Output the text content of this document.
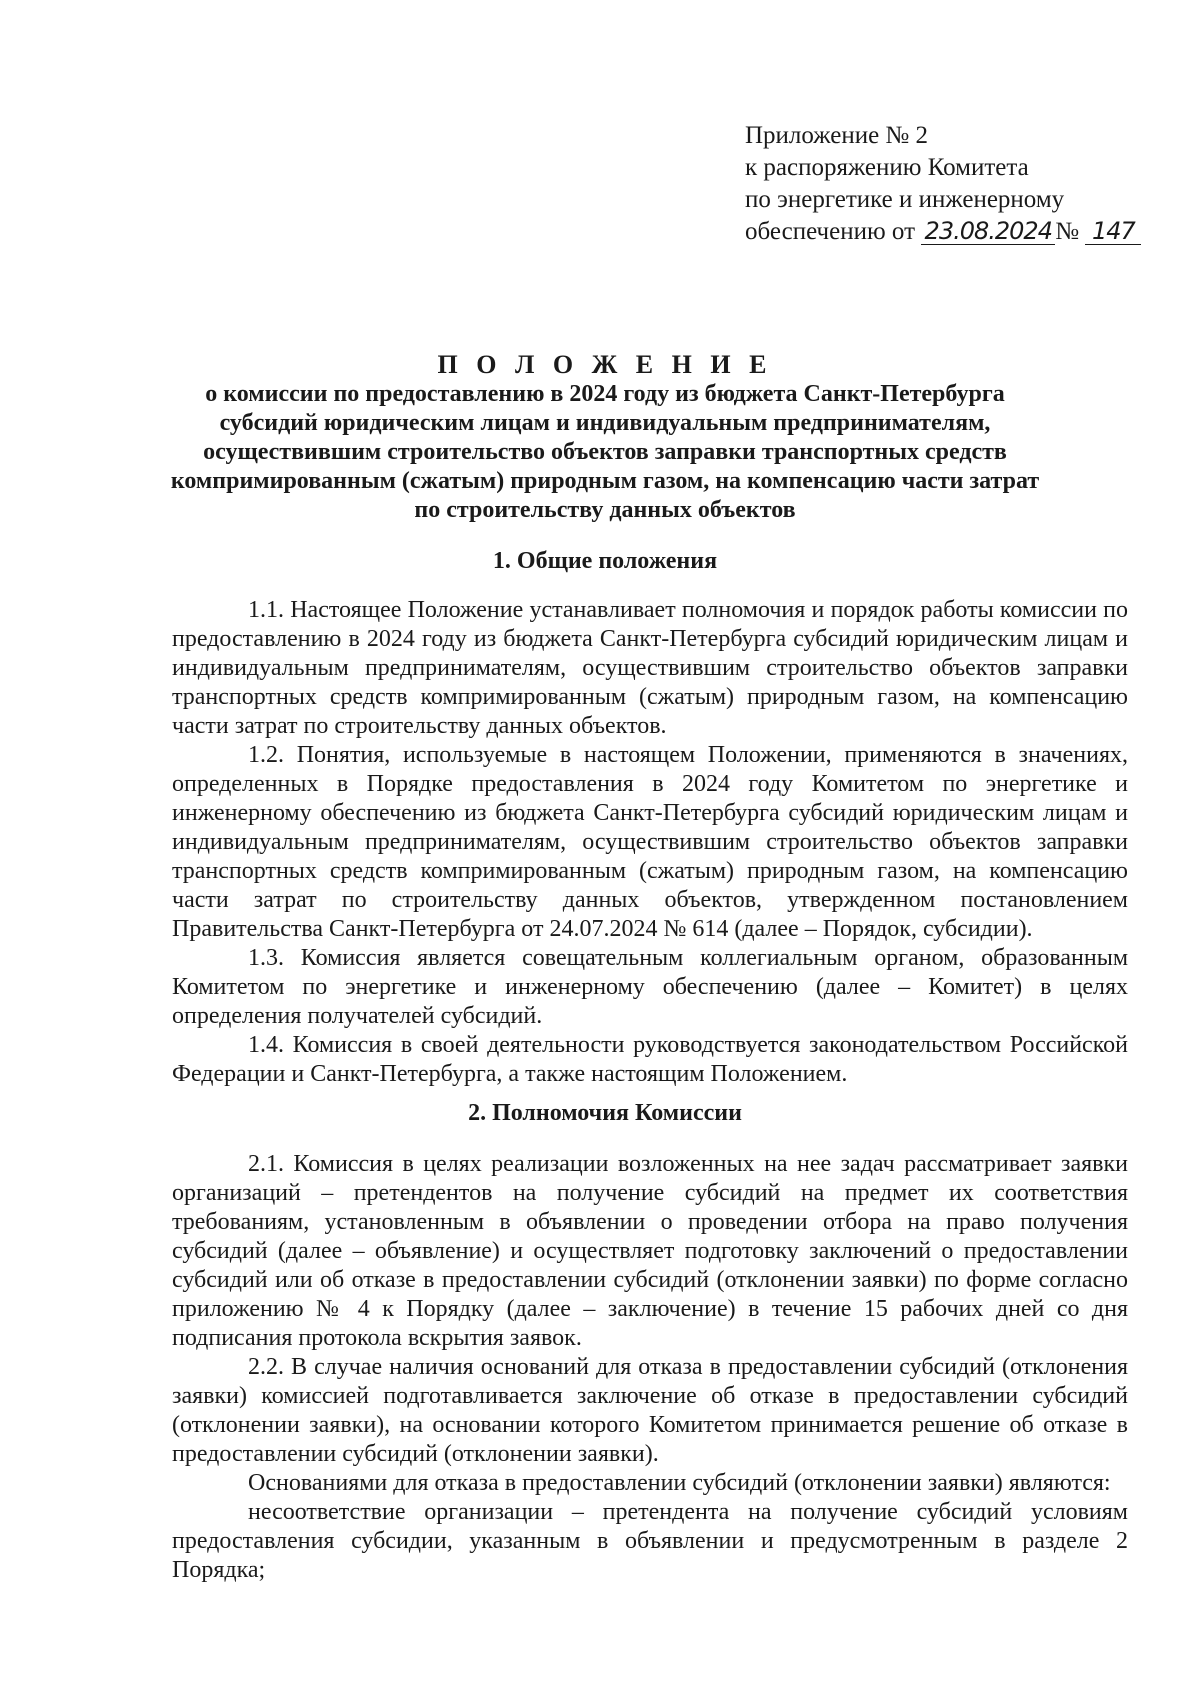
Приложение № 2
к распоряжению Комитета
по энергетике и инженерному
обеспечению от 23.08.2024 № 147
П О Л О Ж Е Н И Е
о комиссии по предоставлению в 2024 году из бюджета Санкт-Петербурга
субсидий юридическим лицам и индивидуальным предпринимателям,
осуществившим строительство объектов заправки транспортных средств
компримированным (сжатым) природным газом, на компенсацию части затрат
по строительству данных объектов
1. Общие положения

1.1. Настоящее Положение устанавливает полномочия и порядок работы комиссии по предоставлению в 2024 году из бюджета Санкт-Петербурга субсидий юридическим лицам и индивидуальным предпринимателям, осуществившим строительство объектов заправки транспортных средств компримированным (сжатым) природным газом, на компенсацию части затрат по строительству данных объектов.

1.2. Понятия, используемые в настоящем Положении, применяются в значениях, определенных в Порядке предоставления в 2024 году Комитетом по энергетике и инженерному обеспечению из бюджета Санкт-Петербурга субсидий юридическим лицам и индивидуальным предпринимателям, осуществившим строительство объектов заправки транспортных средств компримированным (сжатым) природным газом, на компенсацию части затрат по строительству данных объектов, утвержденном постановлением Правительства Санкт-Петербурга от 24.07.2024 № 614 (далее – Порядок, субсидии).

1.3. Комиссия является совещательным коллегиальным органом, образованным Комитетом по энергетике и инженерному обеспечению (далее – Комитет) в целях определения получателей субсидий.

1.4. Комиссия в своей деятельности руководствуется законодательством Российской Федерации и Санкт-Петербурга, а также настоящим Положением.

2. Полномочия Комиссии

2.1. Комиссия в целях реализации возложенных на нее задач рассматривает заявки организаций – претендентов на получение субсидий на предмет их соответствия требованиям, установленным в объявлении о проведении отбора на право получения субсидий (далее – объявление) и осуществляет подготовку заключений о предоставлении субсидий или об отказе в предоставлении субсидий (отклонении заявки) по форме согласно приложению № 4 к Порядку (далее – заключение) в течение 15 рабочих дней со дня подписания протокола вскрытия заявок.

2.2. В случае наличия оснований для отказа в предоставлении субсидий (отклонения заявки) комиссией подготавливается заключение об отказе в предоставлении субсидий (отклонении заявки), на основании которого Комитетом принимается решение об отказе в предоставлении субсидий (отклонении заявки).

Основаниями для отказа в предоставлении субсидий (отклонении заявки) являются:

несоответствие организации – претендента на получение субсидий условиям предоставления субсидии, указанным в объявлении и предусмотренным в разделе 2 Порядка;
